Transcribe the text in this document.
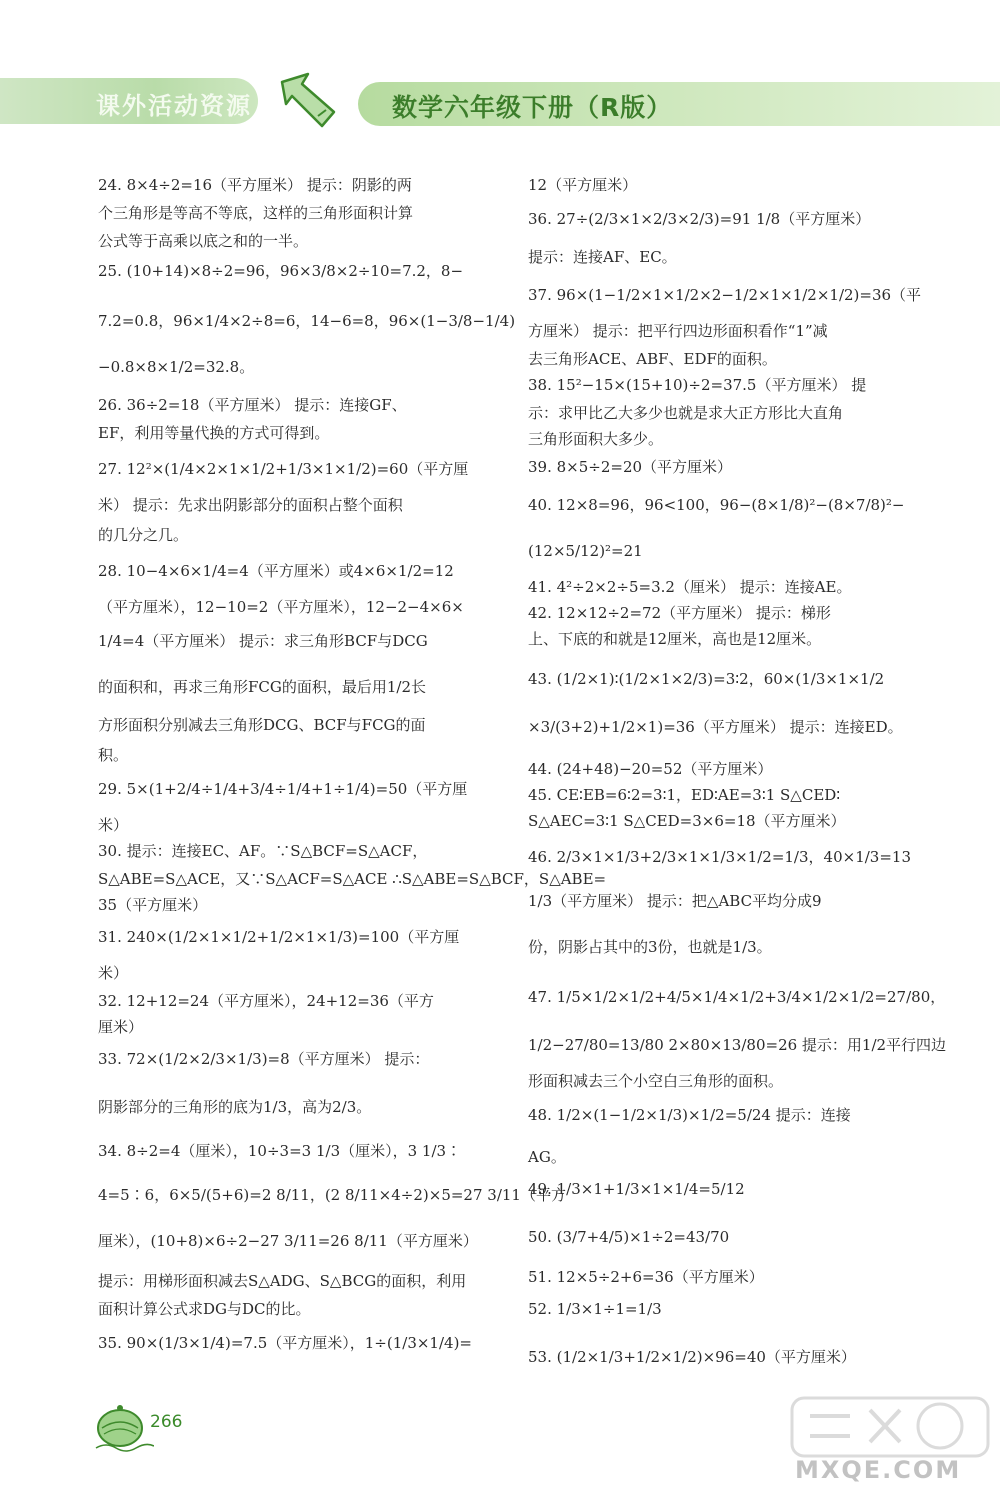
课外活动资源	数学六年级下册（R版）
24. 8×4÷2=16（平方厘米） 提示：阴影的两
个三角形是等高不等底，这样的三角形面积计算
公式等于高乘以底之和的一半。
25. (10+14)×8÷2=96，96×3/8×2÷10=7.2，8−
7.2=0.8，96×1/4×2÷8=6，14−6=8，96×(1−3/8−1/4)
−0.8×8×1/2=32.8。
26. 36÷2=18（平方厘米） 提示：连接GF、
EF，利用等量代换的方式可得到。
27. 12²×(1/4×2×1×1/2+1/3×1×1/2)=60（平方厘
米） 提示：先求出阴影部分的面积占整个面积
的几分之几。
28. 10−4×6×1/4=4（平方厘米）或4×6×1/2=12
（平方厘米），12−10=2（平方厘米），12−2−4×6×
1/4=4（平方厘米） 提示：求三角形BCF与DCG
的面积和，再求三角形FCG的面积，最后用1/2长
方形面积分别减去三角形DCG、BCF与FCG的面
积。
29. 5×(1+2/4÷1/4+3/4÷1/4+1÷1/4)=50（平方厘
米）
30. 提示：连接EC、AF。∵S△BCF=S△ACF，
S△ABE=S△ACE，又∵S△ACF=S△ACE ∴S△ABE=S△BCF，S△ABE=
35（平方厘米）
31. 240×(1/2×1×1/2+1/2×1×1/3)=100（平方厘
米）
32. 12+12=24（平方厘米），24+12=36（平方
厘米）
33. 72×(1/2×2/3×1/3)=8（平方厘米） 提示：
阴影部分的三角形的底为1/3，高为2/3。
34. 8÷2=4（厘米），10÷3=3 1/3（厘米），3 1/3∶
4=5∶6，6×5/(5+6)=2 8/11，(2 8/11×4÷2)×5=27 3/11（平方
厘米），(10+8)×6÷2−27 3/11=26 8/11（平方厘米）
提示：用梯形面积减去S△ADG、S△BCG的面积，利用
面积计算公式求DG与DC的比。
35. 90×(1/3×1/4)=7.5（平方厘米），1÷(1/3×1/4)=
12（平方厘米）
36. 27÷(2/3×1×2/3×2/3)=91 1/8（平方厘米）
提示：连接AF、EC。
37. 96×(1−1/2×1×1/2×2−1/2×1×1/2×1/2)=36（平
方厘米） 提示：把平行四边形面积看作“1”减
去三角形ACE、ABF、EDF的面积。
38. 15²−15×(15+10)÷2=37.5（平方厘米） 提
示：求甲比乙大多少也就是求大正方形比大直角
三角形面积大多少。
39. 8×5÷2=20（平方厘米）
40. 12×8=96，96<100，96−(8×1/8)²−(8×7/8)²−
(12×5/12)²=21
41. 4²÷2×2÷5=3.2（厘米） 提示：连接AE。
42. 12×12÷2=72（平方厘米） 提示：梯形
上、下底的和就是12厘米，高也是12厘米。
43. (1/2×1)∶(1/2×1×2/3)=3∶2，60×(1/3×1×1/2
×3/(3+2)+1/2×1)=36（平方厘米） 提示：连接ED。
44. (24+48)−20=52（平方厘米）
45. CE∶EB=6∶2=3∶1，ED∶AE=3∶1 S△CED∶
S△AEC=3∶1 S△CED=3×6=18（平方厘米）
46. 2/3×1×1/3+2/3×1×1/3×1/2=1/3，40×1/3=13
1/3（平方厘米） 提示：把△ABC平均分成9
份，阴影占其中的3份，也就是1/3。
47. 1/5×1/2×1/2+4/5×1/4×1/2+3/4×1/2×1/2=27/80，
1/2−27/80=13/80 2×80×13/80=26 提示：用1/2平行四边
形面积减去三个小空白三角形的面积。
48. 1/2×(1−1/2×1/3)×1/2=5/24 提示：连接
AG。
49. 1/3×1+1/3×1×1/4=5/12
50. (3/7+4/5)×1÷2=43/70
51. 12×5÷2+6=36（平方厘米）
52. 1/3×1÷1=1/3
53. (1/2×1/3+1/2×1/2)×96=40（平方厘米）
266
MXQE.COM
